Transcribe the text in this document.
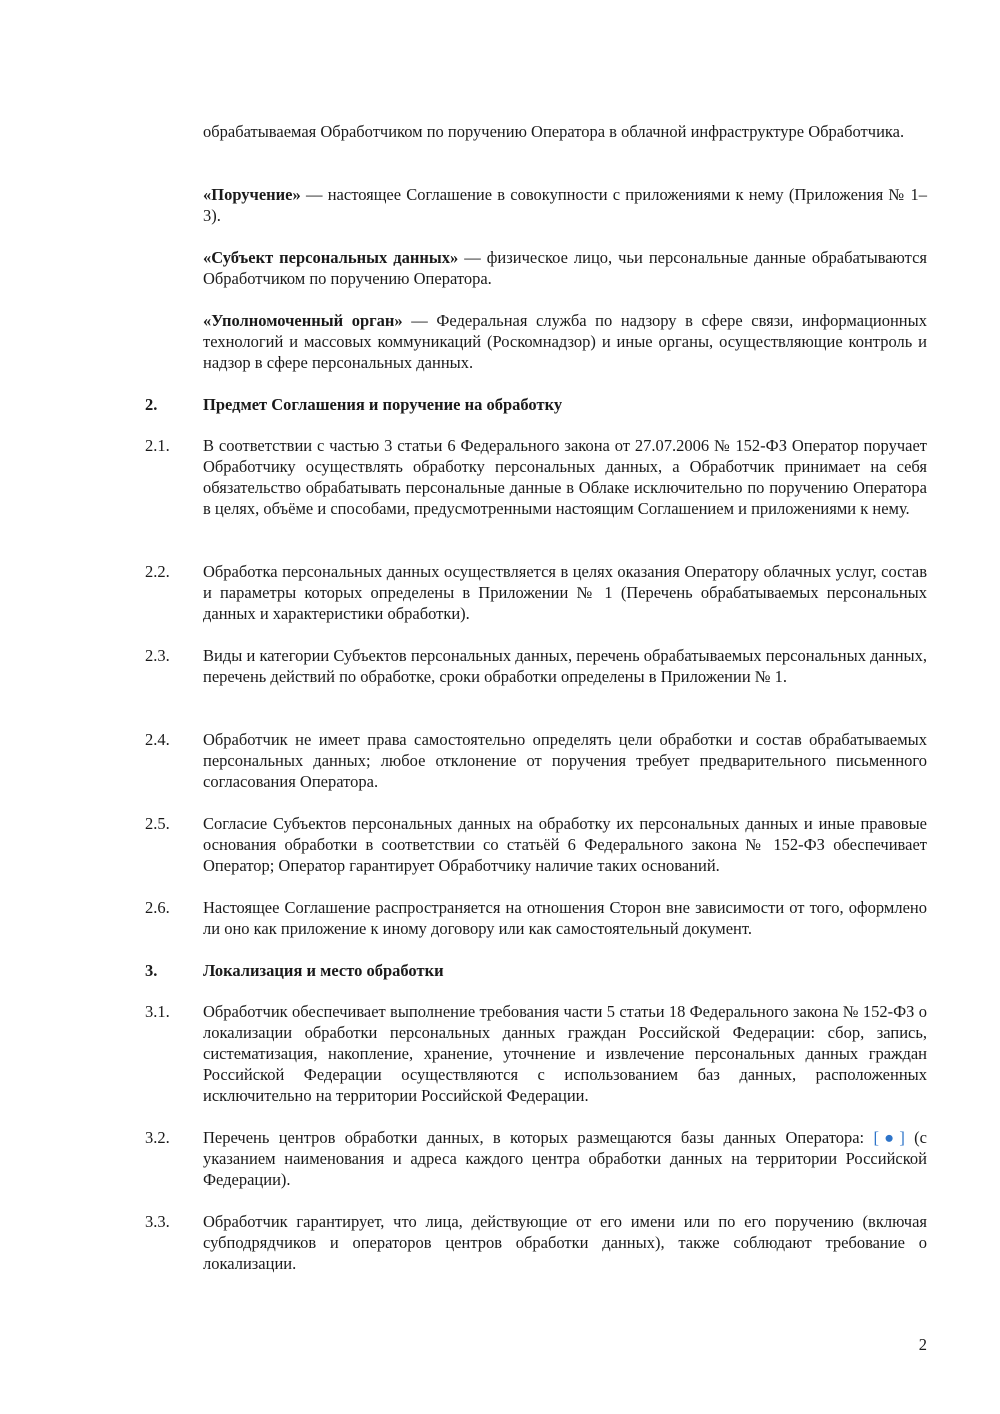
обрабатываемая Обработчиком по поручению Оператора в облачной инфраструктуре Обработчика.

«Поручение» — настоящее Соглашение в совокупности с приложениями к нему (Приложения № 1–3).

«Субъект персональных данных» — физическое лицо, чьи персональные данные обрабатываются Обработчиком по поручению Оператора.

«Уполномоченный орган» — Федеральная служба по надзору в сфере связи, информационных технологий и массовых коммуникаций (Роскомнадзор) и иные органы, осуществляющие контроль и надзор в сфере персональных данных.

2.	Предмет Соглашения и поручение на обработку

2.1. В соответствии с частью 3 статьи 6 Федерального закона от 27.07.2006 № 152-ФЗ Оператор поручает Обработчику осуществлять обработку персональных данных, а Обработчик принимает на себя обязательство обрабатывать персональные данные в Облаке исключительно по поручению Оператора в целях, объёме и способами, предусмотренными настоящим Соглашением и приложениями к нему.

2.2. Обработка персональных данных осуществляется в целях оказания Оператору облачных услуг, состав и параметры которых определены в Приложении № 1 (Перечень обрабатываемых персональных данных и характеристики обработки).

2.3. Виды и категории Субъектов персональных данных, перечень обрабатываемых персональных данных, перечень действий по обработке, сроки обработки определены в Приложении № 1.

2.4. Обработчик не имеет права самостоятельно определять цели обработки и состав обрабатываемых персональных данных; любое отклонение от поручения требует предварительного письменного согласования Оператора.

2.5. Согласие Субъектов персональных данных на обработку их персональных данных и иные правовые основания обработки в соответствии со статьёй 6 Федерального закона № 152-ФЗ обеспечивает Оператор; Оператор гарантирует Обработчику наличие таких оснований.

2.6. Настоящее Соглашение распространяется на отношения Сторон вне зависимости от того, оформлено ли оно как приложение к иному договору или как самостоятельный документ.

3.	Локализация и место обработки

3.1. Обработчик обеспечивает выполнение требования части 5 статьи 18 Федерального закона № 152-ФЗ о локализации обработки персональных данных граждан Российской Федерации: сбор, запись, систематизация, накопление, хранение, уточнение и извлечение персональных данных граждан Российской Федерации осуществляются с использованием баз данных, расположенных исключительно на территории Российской Федерации.

3.2. Перечень центров обработки данных, в которых размещаются базы данных Оператора: [●] (с указанием наименования и адреса каждого центра обработки данных на территории Российской Федерации).

3.3. Обработчик гарантирует, что лица, действующие от его имени или по его поручению (включая субподрядчиков и операторов центров обработки данных), также соблюдают требование о локализации.

2
